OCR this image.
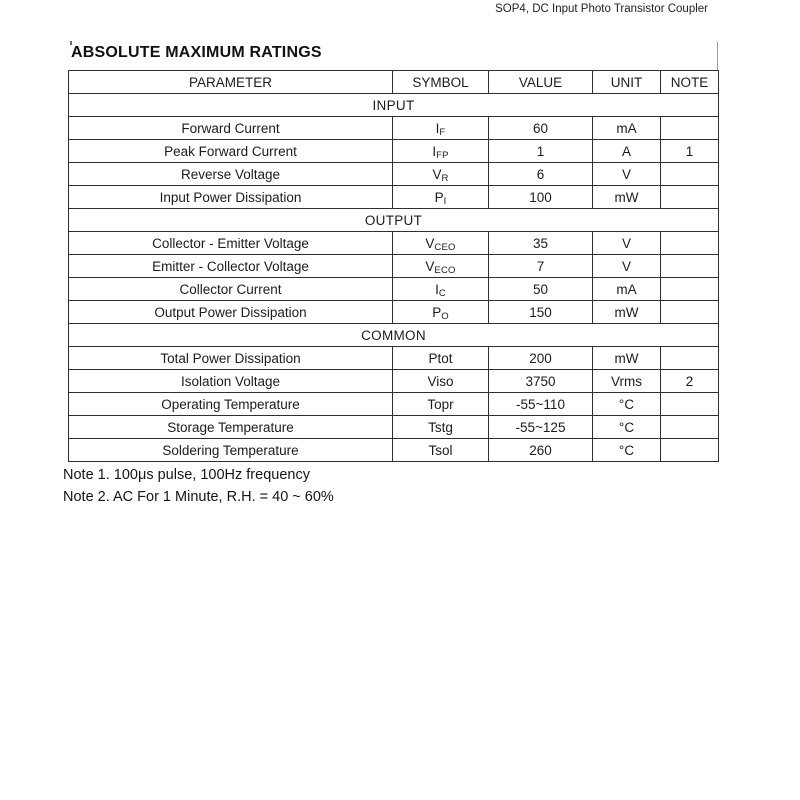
SOP4, DC Input Photo Transistor Coupler
ABSOLUTE MAXIMUM RATINGS
PARAMETER	SYMBOL	VALUE	UNIT	NOTE
INPUT				
Forward Current	IF	60	mA	
Peak Forward Current	IFP	1	A	1
Reverse Voltage	VR	6	V	
Input Power Dissipation	PI	100	mW	
OUTPUT				
Collector - Emitter Voltage	VCEO	35	V	
Emitter - Collector Voltage	VECO	7	V	
Collector Current	IC	50	mA	
Output Power Dissipation	PO	150	mW	
COMMON				
Total Power Dissipation	Ptot	200	mW	
Isolation Voltage	Viso	3750	Vrms	2
Operating Temperature	Topr	-55~110	°C	
Storage Temperature	Tstg	-55~125	°C	
Soldering Temperature	Tsol	260	°C	
Note 1. 100μs pulse, 100Hz frequency
Note 2. AC For 1 Minute, R.H. = 40 ~ 60%
